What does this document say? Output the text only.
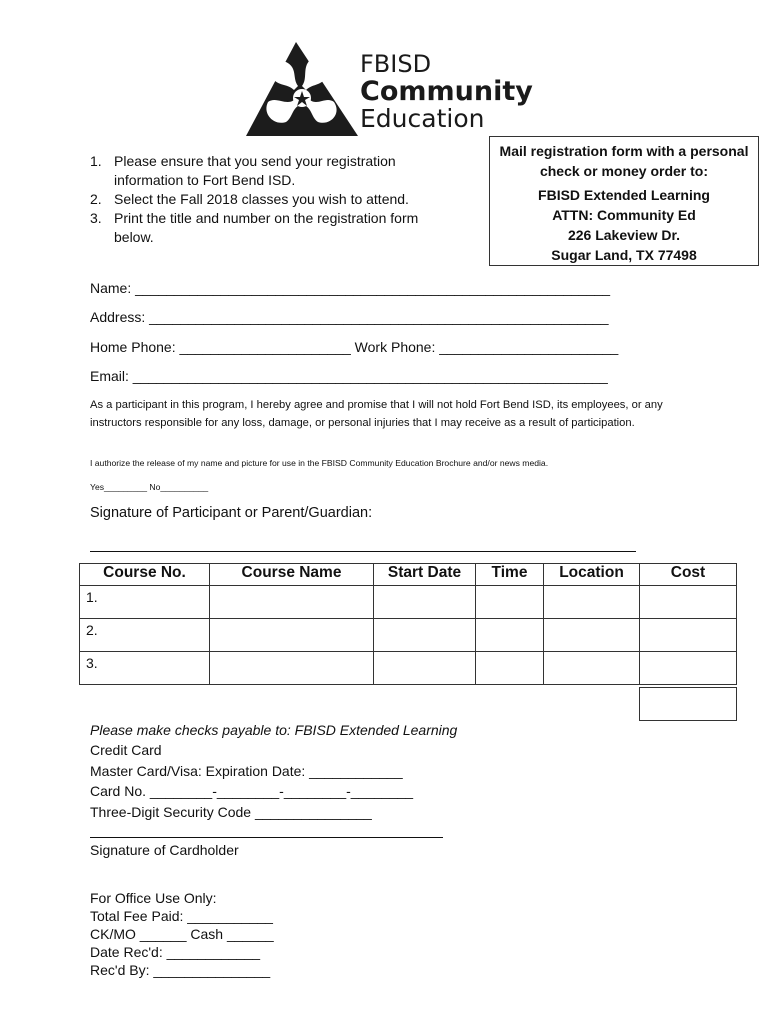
FBISD
Community
Education
1. Please ensure that you send your registration information to Fort Bend ISD.
2. Select the Fall 2018 classes you wish to attend.
3. Print the title and number on the registration form below.
Mail registration form with a personal check or money order to:
FBISD Extended Learning
ATTN: Community Ed
226 Lakeview Dr.
Sugar Land, TX 77498
Name: _____________________________________________________________
Address: ___________________________________________________________
Home Phone: ______________________ Work Phone: _______________________
Email: _____________________________________________________________
As a participant in this program, I hereby agree and promise that I will not hold Fort Bend ISD, its employees, or any instructors responsible for any loss, damage, or personal injuries that I may receive as a result of participation.
I authorize the release of my name and picture for use in the FBISD Community Education Brochure and/or news media.
Yes_________ No__________
Signature of Participant or Parent/Guardian:
Course No.	Course Name	Start Date	Time	Location	Cost
1.					
2.					
3.					
Please make checks payable to: FBISD Extended Learning
Credit Card
Master Card/Visa: Expiration Date: ____________
Card No. ________-________-________-________
Three-Digit Security Code _______________
Signature of Cardholder
For Office Use Only:
Total Fee Paid: ___________
CK/MO ______ Cash ______
Date Rec'd: ____________
Rec'd By: _______________
